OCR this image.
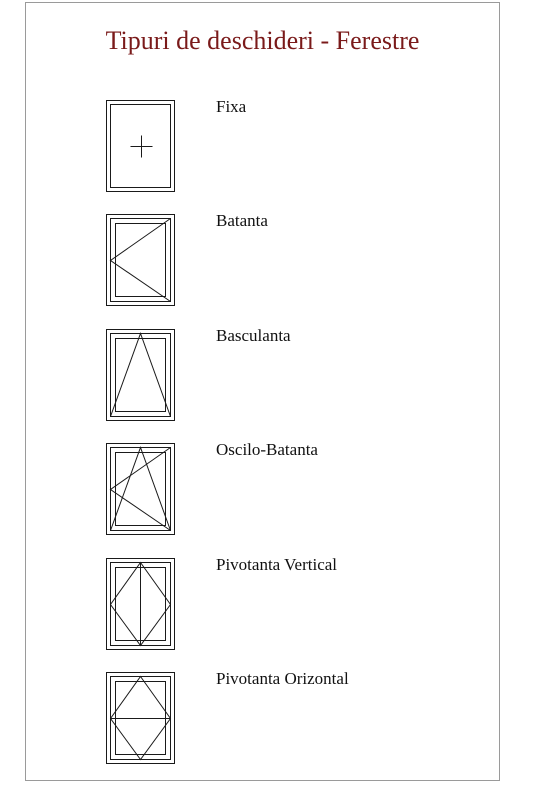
Tipuri de deschideri - Ferestre
Fixa
Batanta
Basculanta
Oscilo-Batanta
Pivotanta Vertical
Pivotanta Orizontal
